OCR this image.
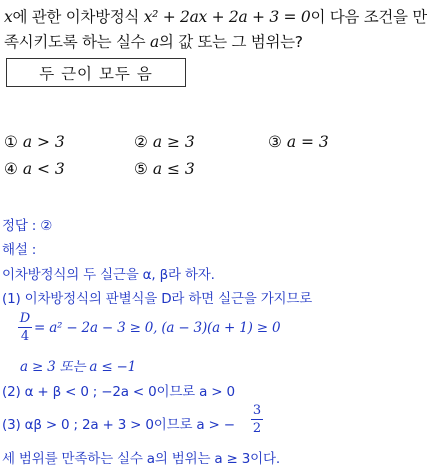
x에 관한 이차방정식 x² + 2ax + 2a + 3 = 0이 다음 조건을 만
족시키도록 하는 실수 a의 값 또는 그 범위는?
두 근이 모두 음
① a > 3	② a ≥ 3	③ a = 3
④ a < 3	⑤ a ≤ 3
정답 : ②
해설 :
이차방정식의 두 실근을 α, β라 하자.
(1) 이차방정식의 판별식을 D라 하면 실근을 가지므로
D
4
= a² − 2a − 3 ≥ 0, (a − 3)(a + 1) ≥ 0
a ≥ 3 또는 a ≤ −1
(2) α + β < 0 ; −2a < 0이므로 a > 0
(3) αβ > 0 ; 2a + 3 > 0이므로 a > −
3
2
세 범위를 만족하는 실수 a의 범위는 a ≥ 3이다.
